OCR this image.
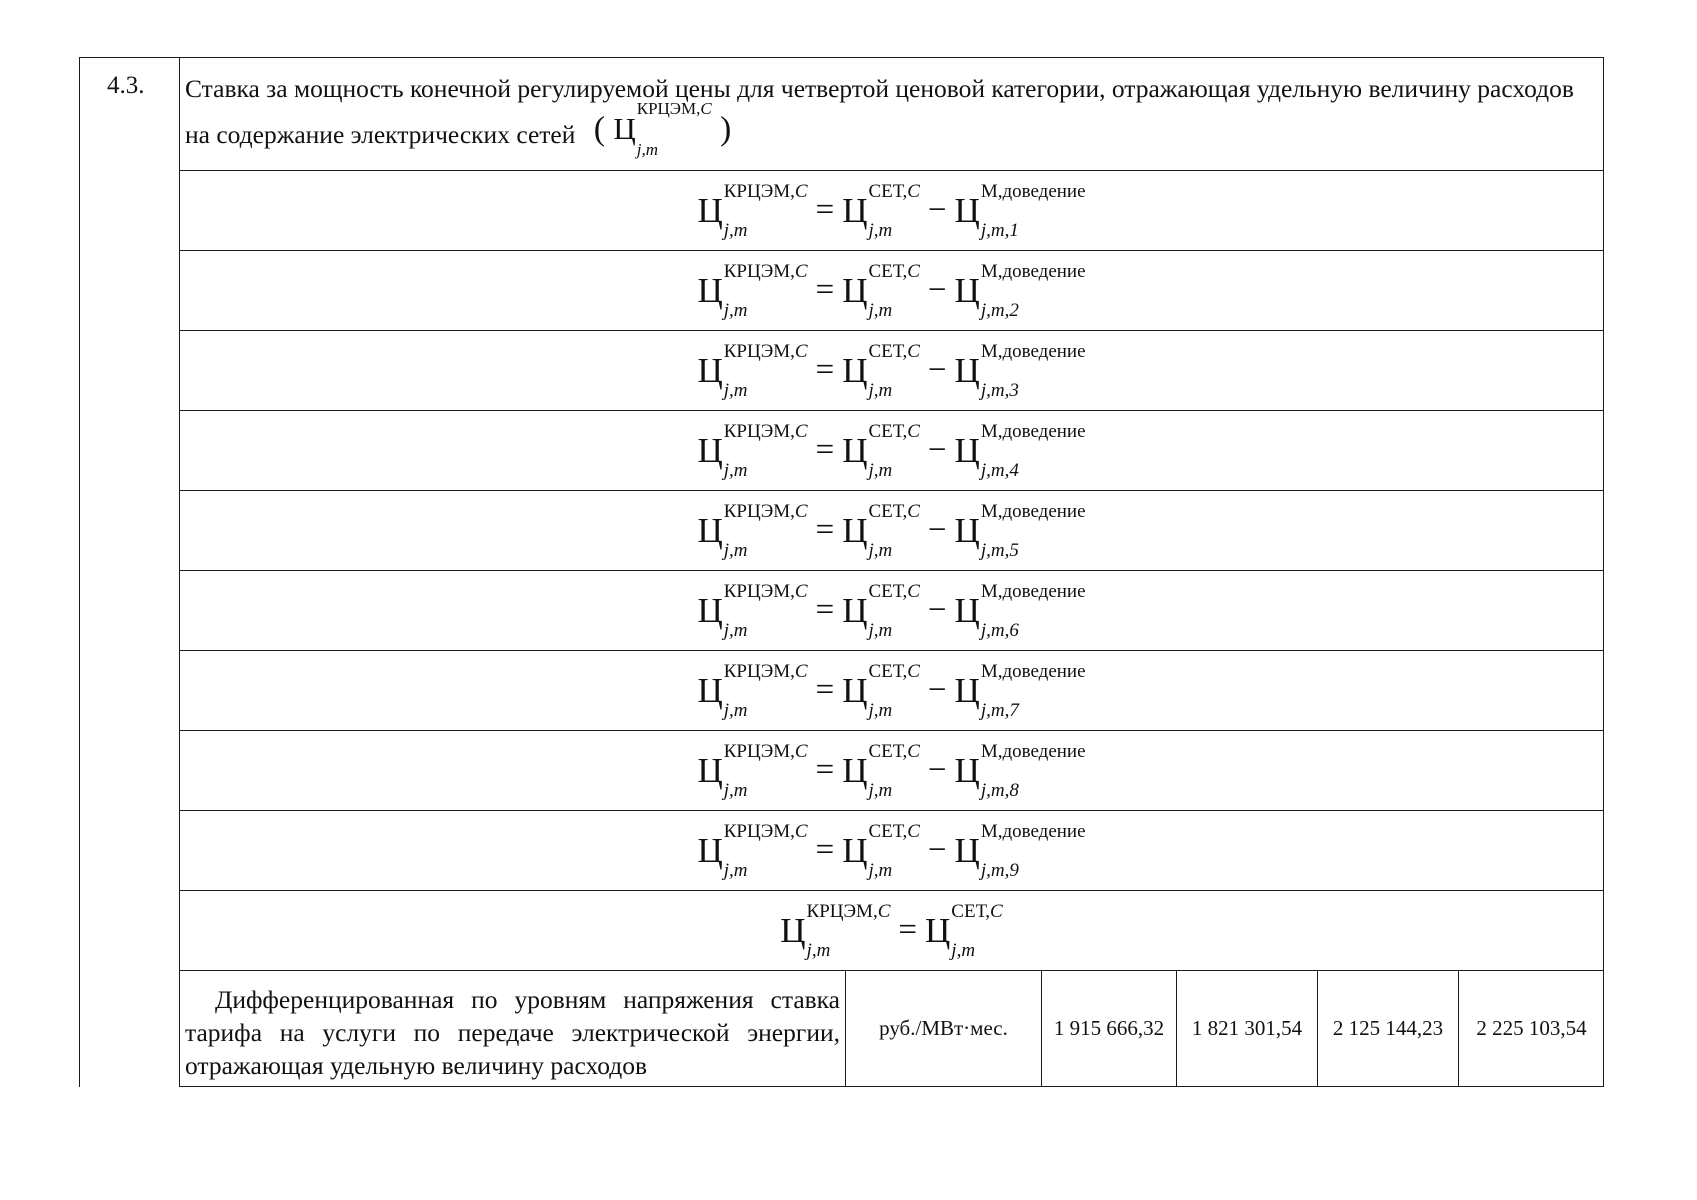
4.3. Ставка за мощность конечной регулируемой цены для четвертой ценовой категории, отражающая удельную величину расходов на содержание электрических сетей ( Ц
КРЦЭМ,C
j,m
)
Ц КРЦЭМ,C
j,m
= Ц СЕТ,C
j,m
− Ц М,доведение
j,m,1
Ц КРЦЭМ,C
j,m
= Ц СЕТ,C
j,m
− Ц М,доведение
j,m,2
Ц КРЦЭМ,C
j,m
= Ц СЕТ,C
j,m
− Ц М,доведение
j,m,3
Ц КРЦЭМ,C
j,m
= Ц СЕТ,C
j,m
− Ц М,доведение
j,m,4
Ц КРЦЭМ,C
j,m
= Ц СЕТ,C
j,m
− Ц М,доведение
j,m,5
Ц КРЦЭМ,C
j,m
= Ц СЕТ,C
j,m
− Ц М,доведение
j,m,6
Ц КРЦЭМ,C
j,m
= Ц СЕТ,C
j,m
− Ц М,доведение
j,m,7
Ц КРЦЭМ,C
j,m
= Ц СЕТ,C
j,m
− Ц М,доведение
j,m,8
Ц КРЦЭМ,C
j,m
= Ц СЕТ,C
j,m
− Ц М,доведение
j,m,9
Ц КРЦЭМ,C
j,m
= Ц СЕТ,C
j,m
Дифференцированная по уровням напряжения ставка тарифа на услуги по передаче электрической энергии, отражающая удельную величину расходов
руб./МВт·мес. 1 915 666,32 1 821 301,54 2 125 144,23 2 225 103,54
